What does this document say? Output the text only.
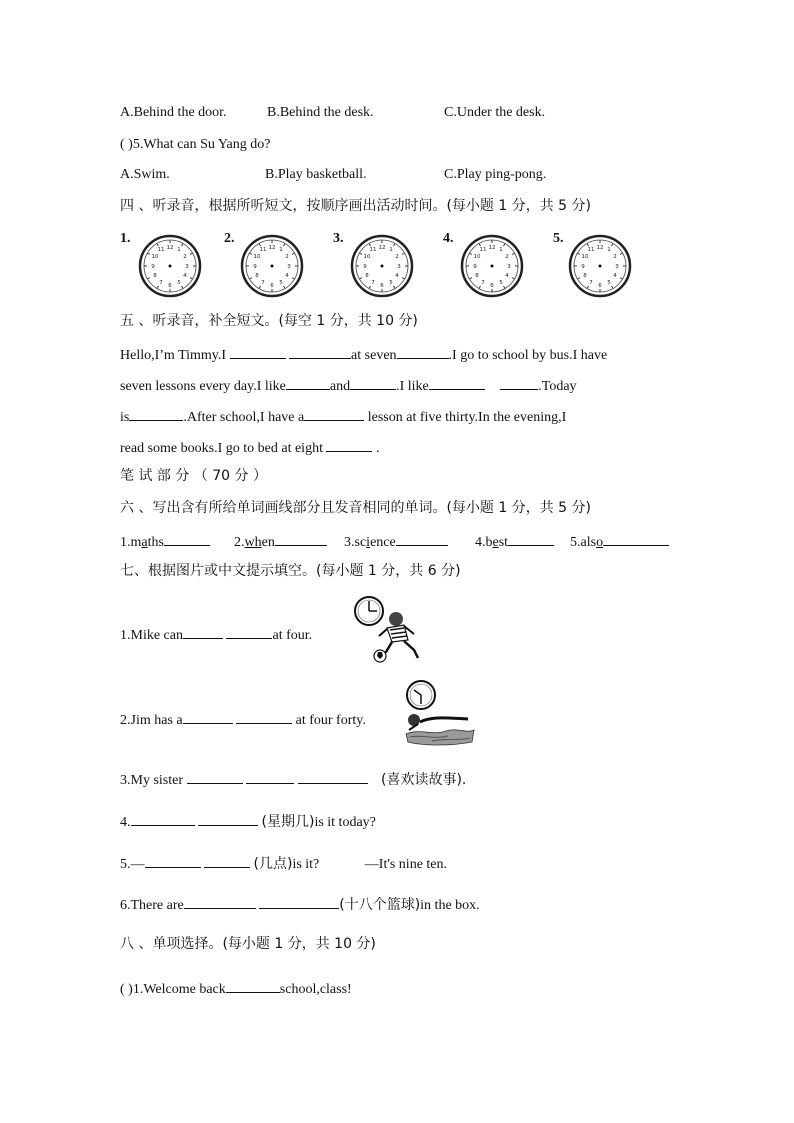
A.Behind the door.	B.Behind the desk.	C.Under the desk.
( )5.What can Su Yang do?
A.Swim.	B.Play basketball.	C.Play ping-pong.
四 、听录音，根据所听短文，按顺序画出活动时间。(每小题 1 分，共 5 分)
1.	2.	3.	4.	5.
五 、听录音，补全短文。(每空 1 分，共 10 分)
Hello,I’m Timmy.I	at seven	.I go to school by bus.I have
seven lessons every day.I like	and	.I like	.Today
is	.After school,I have a	lesson at five thirty.In the evening,I
read some books.I go to bed at eight	.
笔 试 部 分 （ 70 分 ）
六 、写出含有所给单词画线部分且发音相同的单词。(每小题 1 分，共 5 分)
1.maths	2.when	3.science	4.best	5.also
七、根据图片或中文提示填空。(每小题 1 分，共 6 分)
1.Mike can	at four.
2.Jim has a	at four forty.
3.My sister	(喜欢读故事).
4.	(星期几)is it today?
5.—	(几点)is it?	—It's nine ten.
6.There are	(十八个篮球)in the box.
八 、单项选择。(每小题 1 分，共 10 分)
( )1.Welcome back	school,class!
